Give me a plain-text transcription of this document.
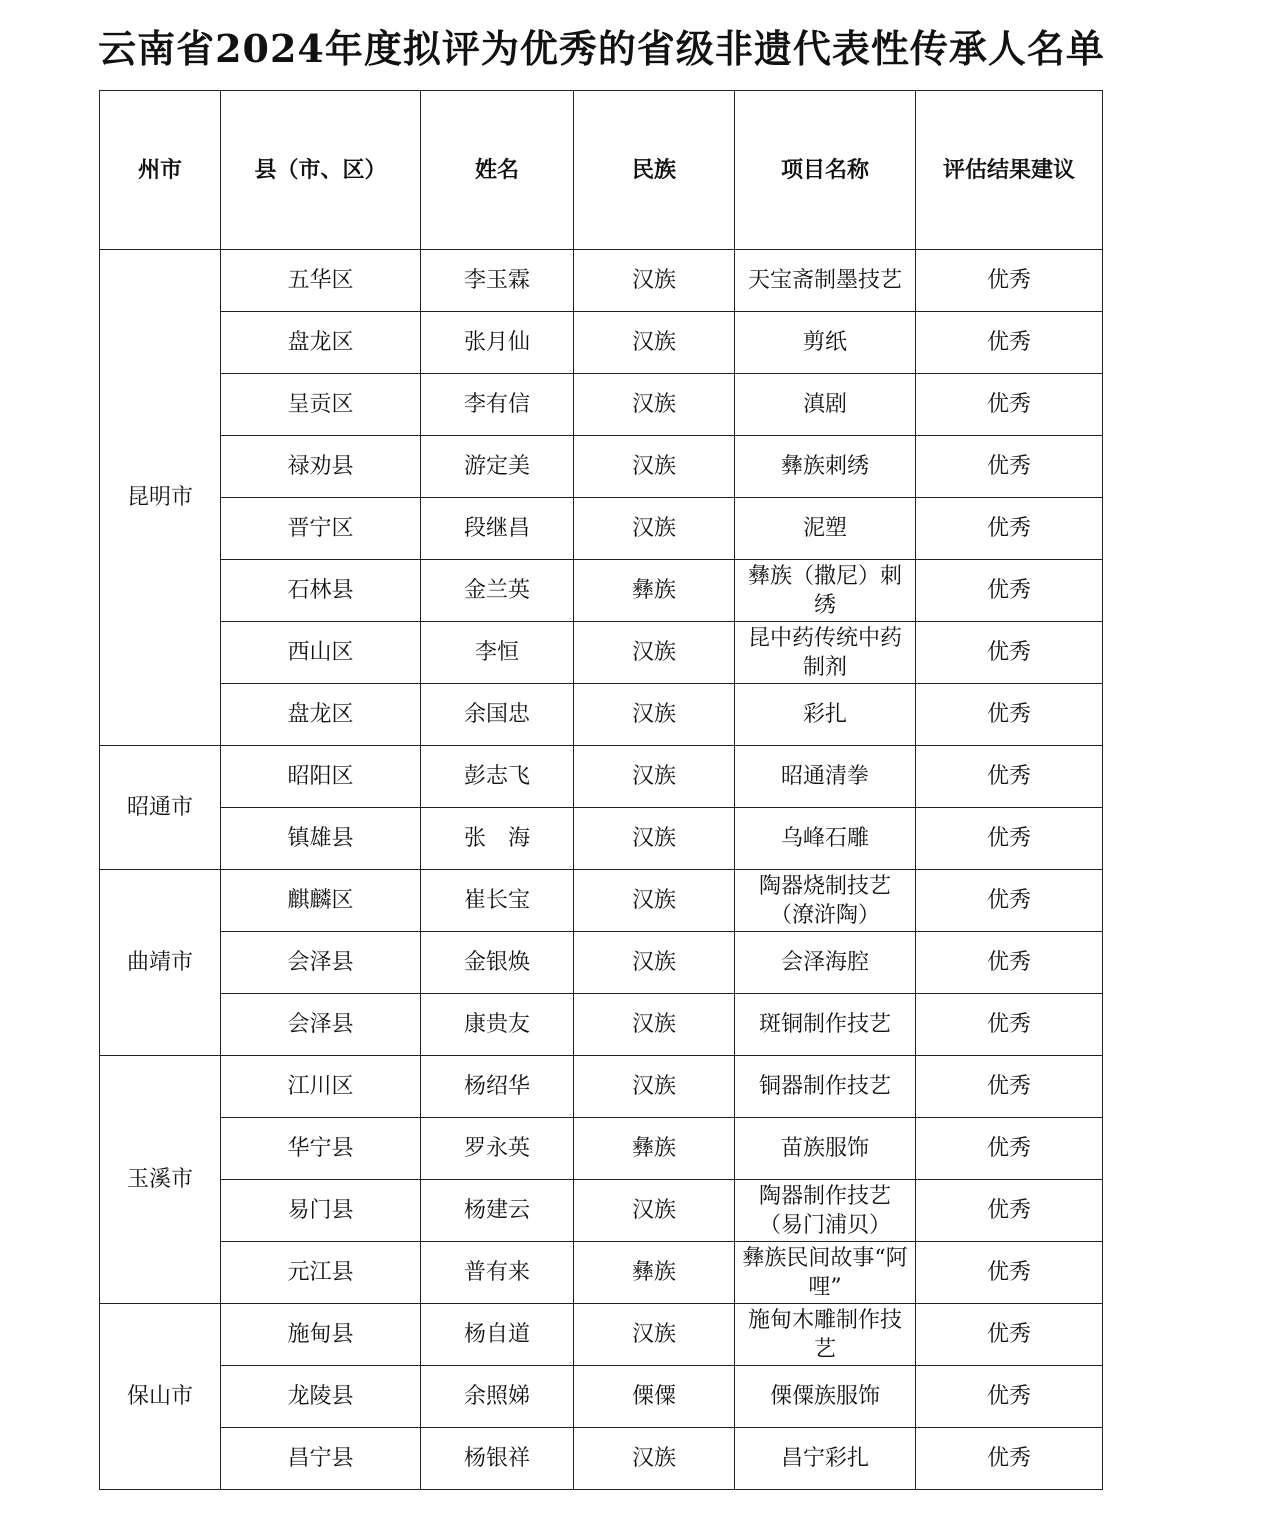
云南省2024年度拟评为优秀的省级非遗代表性传承人名单
州市	县（市、区）	姓名	民族	项目名称	评估结果建议
昆明市	五华区	李玉霖	汉族	天宝斋制墨技艺	优秀
	盘龙区	张月仙	汉族	剪纸	优秀
	呈贡区	李有信	汉族	滇剧	优秀
	禄劝县	游定美	汉族	彝族刺绣	优秀
	晋宁区	段继昌	汉族	泥塑	优秀
	石林县	金兰英	彝族	彝族（撒尼）刺绣	优秀
	西山区	李恒	汉族	昆中药传统中药制剂	优秀
	盘龙区	余国忠	汉族	彩扎	优秀
昭通市	昭阳区	彭志飞	汉族	昭通清拳	优秀
	镇雄县	张　海	汉族	乌峰石雕	优秀
曲靖市	麒麟区	崔长宝	汉族	陶器烧制技艺（潦浒陶）	优秀
	会泽县	金银焕	汉族	会泽海腔	优秀
	会泽县	康贵友	汉族	斑铜制作技艺	优秀
玉溪市	江川区	杨绍华	汉族	铜器制作技艺	优秀
	华宁县	罗永英	彝族	苗族服饰	优秀
	易门县	杨建云	汉族	陶器制作技艺（易门浦贝）	优秀
	元江县	普有来	彝族	彝族民间故事“阿哩”	优秀
保山市	施甸县	杨自道	汉族	施甸木雕制作技艺	优秀
	龙陵县	余照娣	傈僳	傈僳族服饰	优秀
	昌宁县	杨银祥	汉族	昌宁彩扎	优秀
